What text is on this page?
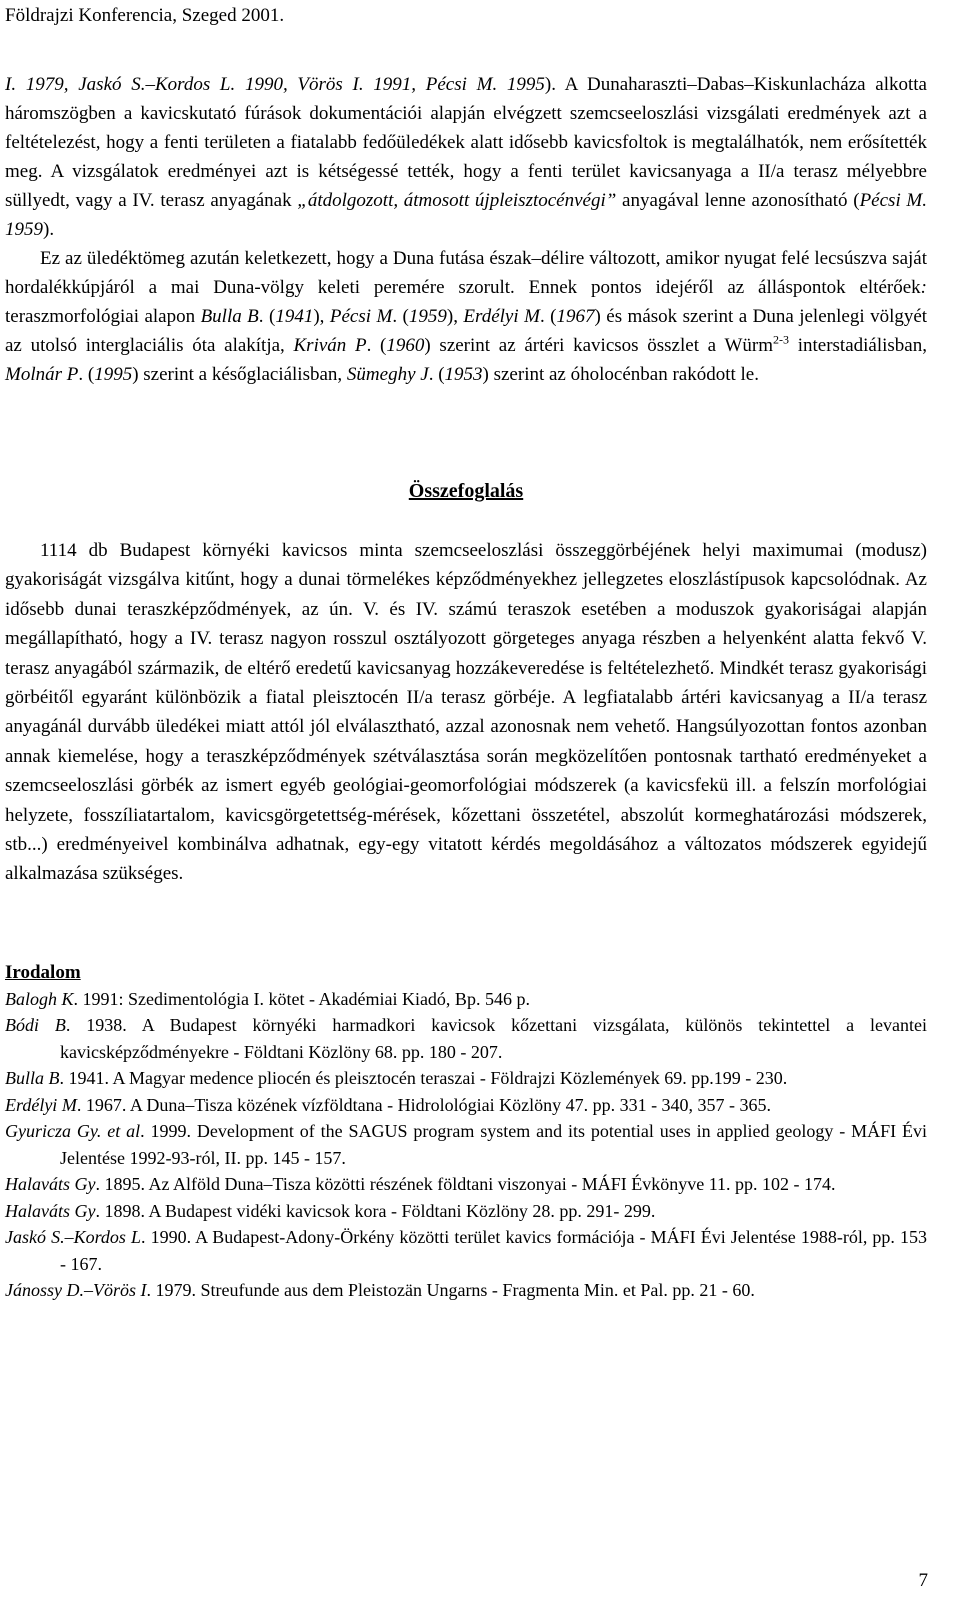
Földrajzi Konferencia, Szeged 2001.

I. 1979, Jaskó S.–Kordos L. 1990, Vörös I. 1991, Pécsi M. 1995). A Dunaharaszti–Dabas–Kiskunlacháza alkotta háromszögben a kavicskutató fúrások dokumentációi alapján elvégzett szemcseeloszlási vizsgálati eredmények azt a feltételezést, hogy a fenti területen a fiatalabb fedőüledékek alatt idősebb kavicsfoltok is megtalálhatók, nem erősítették meg. A vizsgálatok eredményei azt is kétségessé tették, hogy a fenti terület kavicsanyaga a II/a terasz mélyebbre süllyedt, vagy a IV. terasz anyagának „átdolgozott, átmosott újpleisztocénvégi” anyagával lenne azonosítható (Pécsi M. 1959).

Ez az üledéktömeg azután keletkezett, hogy a Duna futása észak–délire változott, amikor nyugat felé lecsúszva saját hordalékkúpjáról a mai Duna-völgy keleti peremére szorult. Ennek pontos idejéről az álláspontok eltérőek: teraszmorfológiai alapon Bulla B. (1941), Pécsi M. (1959), Erdélyi M. (1967) és mások szerint a Duna jelenlegi völgyét az utolsó interglaciális óta alakítja, Kriván P. (1960) szerint az ártéri kavicsos összlet a Würm$^{2-3}$ interstadiálisban, Molnár P. (1995) szerint a későglaciálisban, Sümeghy J. (1953) szerint az óholocénban rakódott le.

Összefoglalás

1114 db Budapest környéki kavicsos minta szemcseeloszlási összeggörbéjének helyi maximumai (modusz) gyakoriságát vizsgálva kitűnt, hogy a dunai törmelékes képződményekhez jellegzetes eloszlástípusok kapcsolódnak. Az idősebb dunai teraszképződmények, az ún. V. és IV. számú teraszok esetében a moduszok gyakoriságai alapján megállapítható, hogy a IV. terasz nagyon rosszul osztályozott görgeteges anyaga részben a helyenként alatta fekvő V. terasz anyagából származik, de eltérő eredetű kavicsanyag hozzákeveredése is feltételezhető. Mindkét terasz gyakorisági görbéitől egyaránt különbözik a fiatal pleisztocén II/a terasz görbéje. A legfiatalabb ártéri kavicsanyag a II/a terasz anyagánál durvább üledékei miatt attól jól elválasztható, azzal azonosnak nem vehető. Hangsúlyozottan fontos azonban annak kiemelése, hogy a teraszképződmények szétválasztása során megközelítően pontosnak tartható eredményeket a szemcseeloszlási görbék az ismert egyéb geológiai-geomorfológiai módszerek (a kavicsfekü ill. a felszín morfológiai helyzete, fosszíliatartalom, kavicsgörgetettség-mérések, kőzettani összetétel, abszolút kormeghatározási módszerek, stb...) eredményeivel kombinálva adhatnak, egy-egy vitatott kérdés megoldásához a változatos módszerek egyidejű alkalmazása szükséges.

Irodalom
Balogh K. 1991: Szedimentológia I. kötet - Akadémiai Kiadó, Bp. 546 p.
Bódi B. 1938. A Budapest környéki harmadkori kavicsok kőzettani vizsgálata, különös tekintettel a levantei kavicsképződményekre - Földtani Közlöny 68. pp. 180 - 207.
Bulla B. 1941. A Magyar medence pliocén és pleisztocén teraszai - Földrajzi Közlemények 69. pp.199 - 230.
Erdélyi M. 1967. A Duna–Tisza közének vízföldtana - Hidrolológiai Közlöny 47. pp. 331 - 340, 357 - 365.
Gyuricza Gy. et al. 1999. Development of the SAGUS program system and its potential uses in applied geology - MÁFI Évi Jelentése 1992-93-ról, II. pp. 145 - 157.
Halaváts Gy. 1895. Az Alföld Duna–Tisza közötti részének földtani viszonyai - MÁFI Évkönyve 11. pp. 102 - 174.
Halaváts Gy. 1898. A Budapest vidéki kavicsok kora - Földtani Közlöny 28. pp. 291- 299.
Jaskó S.–Kordos L. 1990. A Budapest-Adony-Örkény közötti terület kavics formációja - MÁFI Évi Jelentése 1988-ról, pp. 153 - 167.
Jánossy D.–Vörös I. 1979. Streufunde aus dem Pleistozän Ungarns - Fragmenta Min. et Pal. pp. 21 - 60.
7
